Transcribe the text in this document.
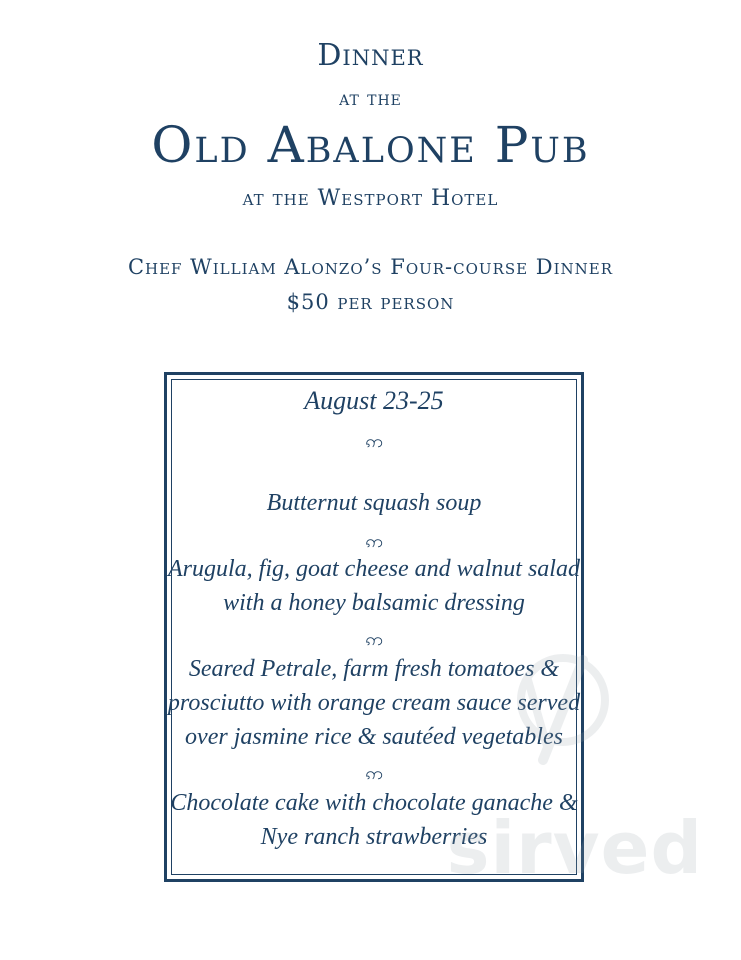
Dinner
at the
Old Abalone Pub
at the Westport Hotel
Chef William Alonzo’s Four-course Dinner
$50 per person
August 23-25
ဢ
Butternut squash soup
ဢ
Arugula, fig, goat cheese and walnut salad with a honey balsamic dressing
ဢ
Seared Petrale, farm fresh tomatoes & prosciutto with orange cream sauce served over jasmine rice & sautéed vegetables
ဢ
Chocolate cake with chocolate ganache & Nye ranch strawberries
sirved
